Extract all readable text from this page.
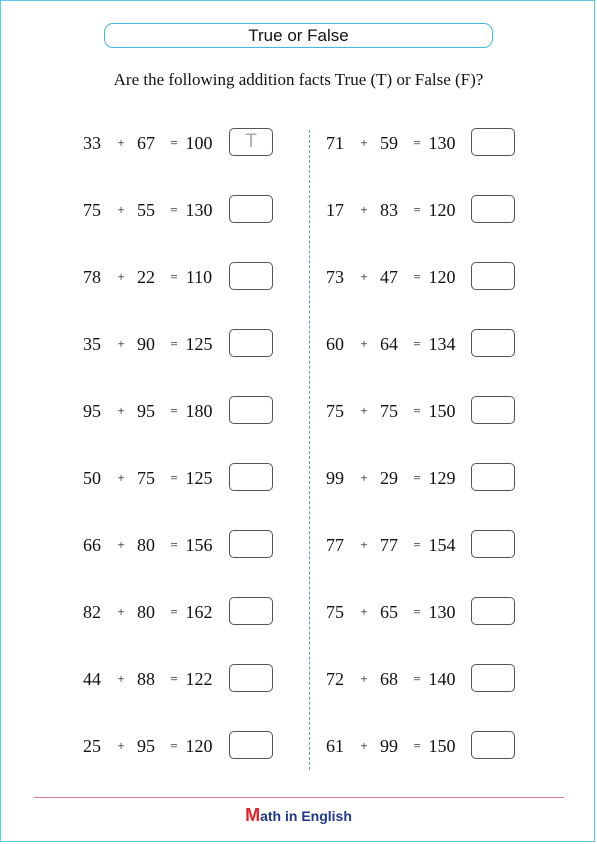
True or False
Are the following addition facts True (T) or False (F)?
33	+ 67	= 100	T
75	+ 55	= 130
78	+ 22	= 110
35	+ 90	= 125
95	+ 95	= 180
50	+ 75	= 125
66	+ 80	= 156
82	+ 80	= 162
44	+ 88	= 122
25	+ 95	= 120
71	+ 59	= 130
17	+ 83	= 120
73	+ 47	= 120
60	+ 64	= 134
75	+ 75	= 150
99	+ 29	= 129
77	+ 77	= 154
75	+ 65	= 130
72	+ 68	= 140
61	+ 99	= 150
Math in English
